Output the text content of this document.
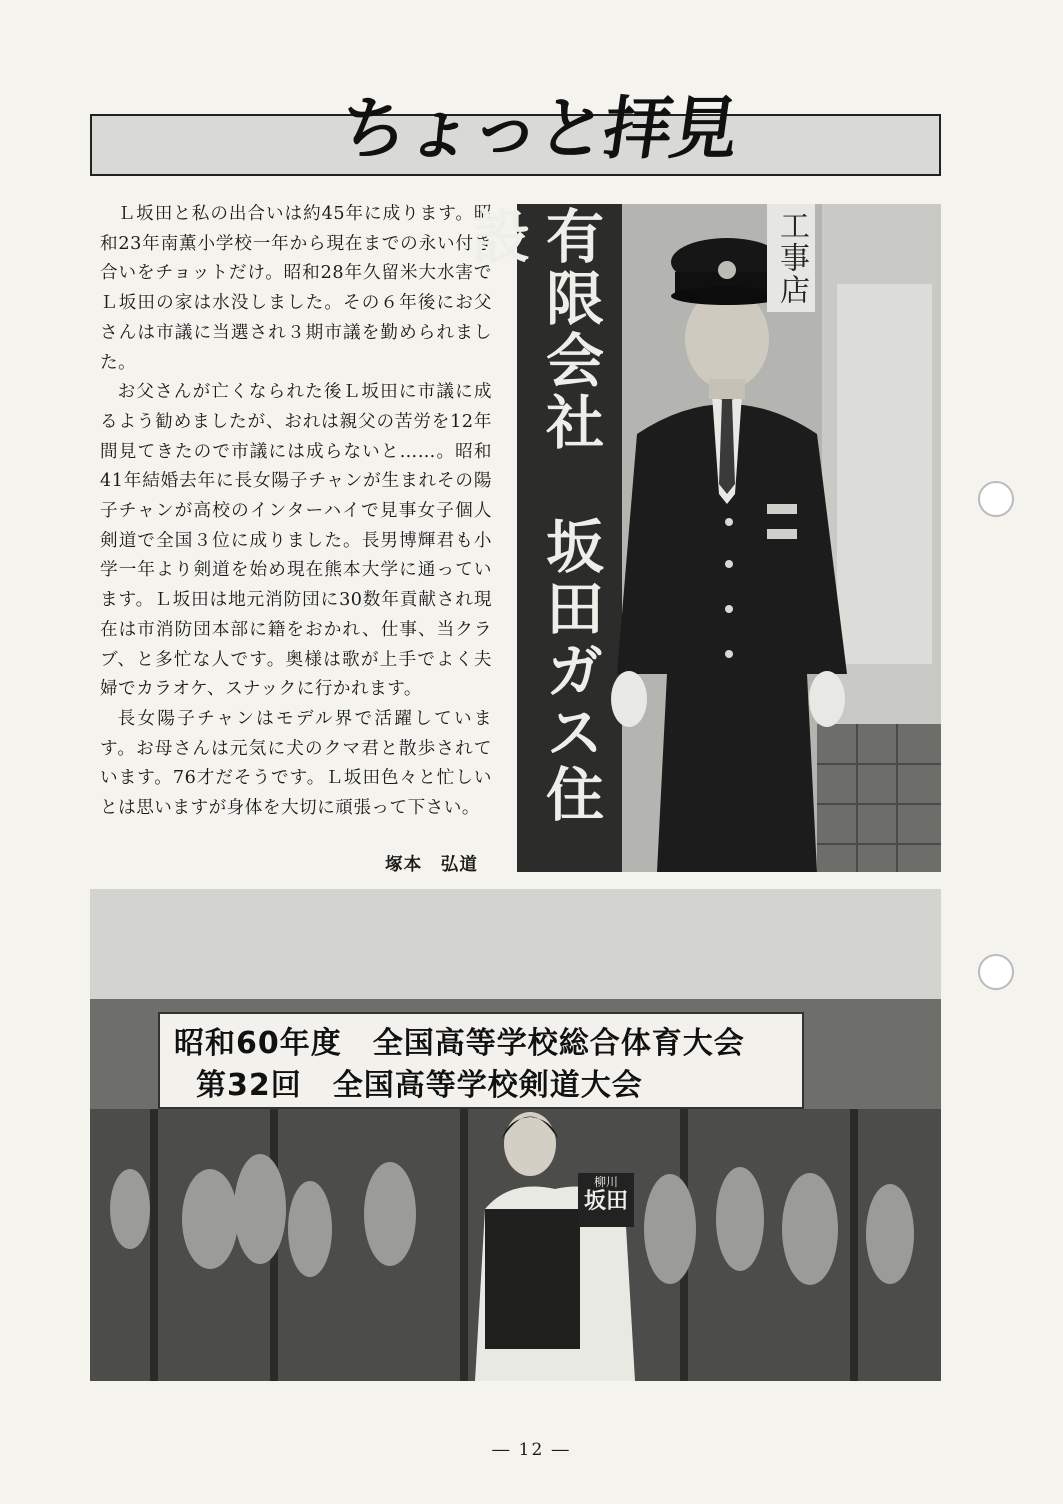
ちょっと拝見

Ｌ坂田と私の出合いは約45年に成ります。昭和23年南薫小学校一年から現在までの永い付き合いをチョットだけ。昭和28年久留米大水害でＬ坂田の家は水没しました。その６年後にお父さんは市議に当選され３期市議を勤められました。

お父さんが亡くなられた後Ｌ坂田に市議に成るよう勧めましたが、おれは親父の苦労を12年間見てきたので市議には成らないと……。昭和41年結婚去年に長女陽子チャンが生まれその陽子チャンが高校のインターハイで見事女子個人剣道で全国３位に成りました。長男博輝君も小学一年より剣道を始め現在熊本大学に通っています。Ｌ坂田は地元消防団に30数年貢献され現在は市消防団本部に籍をおかれ、仕事、当クラブ、と多忙な人です。奥様は歌が上手でよく夫婦でカラオケ、スナックに行かれます。

長女陽子チャンはモデル界で活躍しています。お母さんは元気に犬のクマ君と散歩されています。76才だそうです。Ｌ坂田色々と忙しいとは思いますが身体を大切に頑張って下さい。

塚本　弘道
有限会社　坂田ガス住設	工事店
昭和60年度　全国高等学校総合体育大会
第32回　全国高等学校剣道大会
柳川
坂田
― 12 ―
